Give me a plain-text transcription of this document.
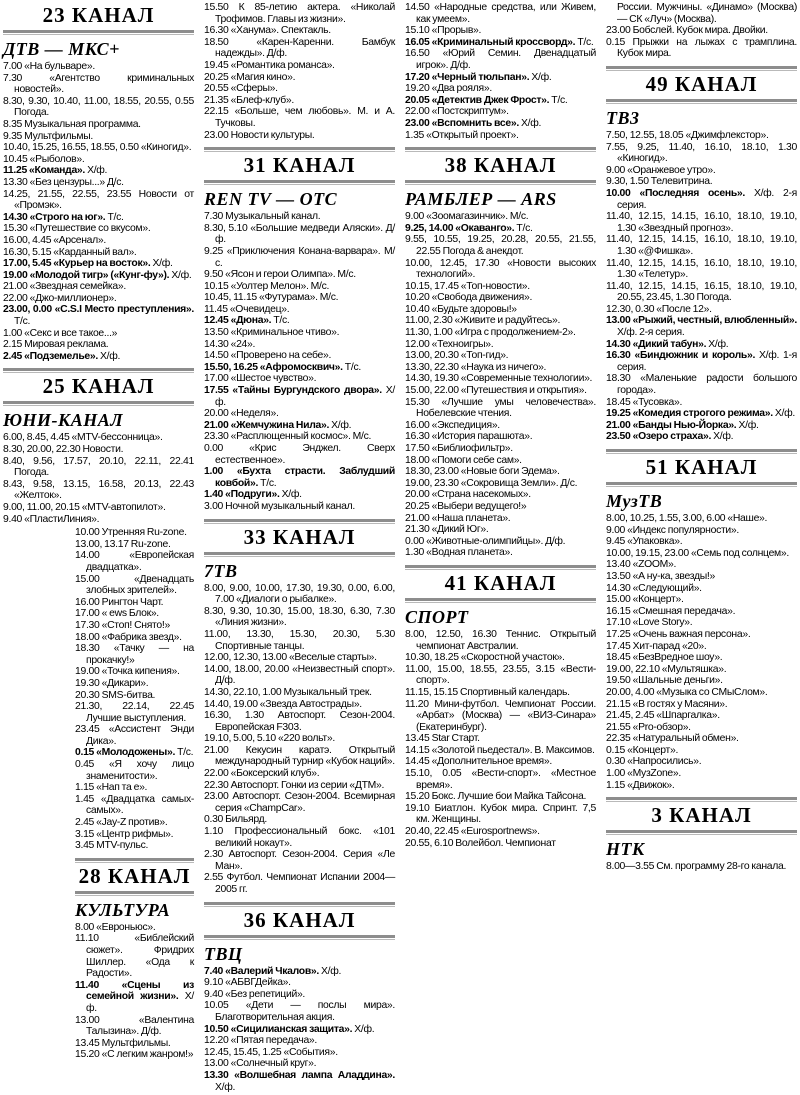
23 КАНАЛ
ДТВ — МКС+

7.00 «На бульваре».

7.30 «Агентство криминальных новостей».

8.30, 9.30, 10.40, 11.00, 18.55, 20.55, 0.55 Погода.

8.35 Музыкальная программа.

9.35 Мультфильмы.

10.40, 15.25, 16.55, 18.55, 0.50 «Киногид».

10.45 «Рыболов».

11.25 «Команда». Х/ф.

13.30 «Без цензуры...» Д/с.

14.25, 21.55, 22.55, 23.55 Новости от «Промэк».

14.30 «Строго на юг». Т/с.

15.30 «Путешествие со вкусом».

16.00, 4.45 «Арсенал».

16.30, 5.15 «Карданный вал».

17.00, 5.45 «Курьер на восток». Х/ф.

19.00 «Молодой тигр» («Кунг-фу»). Х/ф.

21.00 «Звездная семейка».

22.00 «Джо-миллионер».

23.00, 0.00 «C.S.I Место преступления». Т/с.

1.00 «Секс и все такое...»

2.15 Мировая реклама.

2.45 «Подземелье». Х/ф.

25 КАНАЛ
ЮНИ-КАНАЛ

6.00, 8.45, 4.45 «MTV-бессонница».

8.30, 20.00, 22.30 Новости.

8.40, 9.56, 17.57, 20.10, 22.11, 22.41 Погода.

8.43, 9.58, 13.15, 16.58, 20.13, 22.43 «Желток».

9.00, 11.00, 20.15 «MTV-автопилот».

9.40 «ПластиЛиния».

10.00 Утренняя Ru-zone.

13.00, 13.17 Ru-zone.

14.00 «Европейская двадцатка».

15.00 «Двенадцать злобных зрителей».

16.00 Рингтон Чарт.

17.00 « ews Блок».

17.30 «Стоп! Снято!»

18.00 «Фабрика звезд».

18.30 «Тачку — на прокачку!»

19.00 «Точка кипения».

19.30 «Дикари».

20.30 SMS-битва.

21.30, 22.14, 22.45 Лучшие выступления.

23.45 «Ассистент Энди Дика».

0.15 «Молодожены». Т/с.

0.45 «Я хочу лицо знаменитости».

1.15 «Нап та е».

1.45 «Двадцатка самых-самых».

2.45 «Jay-Z против».

3.15 «Центр рифмы».

3.45 MTV-пульс.

28 КАНАЛ
КУЛЬТУРА

8.00 «Евроньюс».

11.10 «Библейский сюжет». Фридрих Шиллер. «Ода к Радости».

11.40 «Сцены из семейной жизни». Х/ф.

13.00 «Валентина Талызина». Д/ф.

13.45 Мультфильмы.

15.20 «С легким жанром!»

15.50 К 85-летию актера. «Николай Трофимов. Главы из жизни».

16.30 «Ханума». Спектакль.

18.50 «Карен-Каренни. Бамбук надежды». Д/ф.

19.45 «Романтика романса».

20.25 «Магия кино».

20.55 «Сферы».

21.35 «Блеф-клуб».

22.15 «Больше, чем любовь». М. и А. Тучковы.

23.00 Новости культуры.

31 КАНАЛ
REN TV — ОТС

7.30 Музыкальный канал.

8.30, 5.10 «Большие медведи Аляски». Д/ф.

9.25 «Приключения Конана-варвара». М/с.

9.50 «Ясон и герои Олимпа». М/с.

10.15 «Уолтер Мелон». М/с.

10.45, 11.15 «Футурама». М/с.

11.45 «Очевидец».

12.45 «Дюна». Т/с.

13.50 «Криминальное чтиво».

14.30 «24».

14.50 «Проверено на себе».

15.50, 16.25 «Афромосквич». Т/с.

17.00 «Шестое чувство».

17.55 «Тайны Бургундского двора». Х/ф.

20.00 «Неделя».

21.00 «Жемчужина Нила». Х/ф.

23.30 «Расплющенный космос». М/с.

0.00 «Крис Энджел. Сверх естественное».

1.00 «Бухта страсти. Заблудший ковбой». Т/с.

1.40 «Подруги». Х/ф.

3.00 Ночной музыкальный канал.

33 КАНАЛ
7ТВ

8.00, 9.00, 10.00, 17.30, 19.30, 0.00, 6.00, 7.00 «Диалоги о рыбалке».

8.30, 9.30, 10.30, 15.00, 18.30, 6.30, 7.30 «Линия жизни».

11.00, 13.30, 15.30, 20.30, 5.30 Спортивные танцы.

12.00, 12.30, 13.00 «Веселые старты».

14.00, 18.00, 20.00 «Неизвестный спорт». Д/ф.

14.30, 22.10, 1.00 Музыкальный трек.

14.40, 19.00 «Звезда Автострады».

16.30, 1.30 Автоспорт. Сезон-2004. Европейская F303.

19.10, 5.00, 5.10 «220 вольт».

21.00 Кекусин каратэ. Открытый международный турнир «Кубок наций».

22.00 «Боксерский клуб».

22.30 Автоспорт. Гонки из серии «ДТМ».

23.00 Автоспорт. Сезон-2004. Всемирная серия «ChampCar».

0.30 Бильярд.

1.10 Профессиональный бокс. «101 великий нокаут».

2.30 Автоспорт. Сезон-2004. Серия «Ле Ман».

2.55 Футбол. Чемпионат Испании 2004—2005 гг.

36 КАНАЛ
ТВЦ

7.40 «Валерий Чкалов». Х/ф.

9.10 «АБВГДейка».

9.40 «Без репетиций».

10.05 «Дети — послы мира». Благотворительная акция.

10.50 «Сицилианская защита». Х/ф.

12.20 «Пятая передача».

12.45, 15.45, 1.25 «События».

13.00 «Солнечный круг».

13.30 «Волшебная лампа Аладдина». Х/ф.

14.50 «Народные средства, или Живем, как умеем».

15.10 «Прорыв».

16.05 «Криминальный кроссворд». Т/с.

16.50 «Юрий Семин. Двенадцатый игрок». Д/ф.

17.20 «Черный тюльпан». Х/ф.

19.20 «Два рояля».

20.05 «Детектив Джек Фрост». Т/с.

22.00 «Постскриптум».

23.00 «Вспомнить все». Х/ф.

1.35 «Открытый проект».

38 КАНАЛ
РАМБЛЕР — ARS

9.00 «Зоомагазинчик». М/с.

9.25, 14.00 «Окаванго». Т/с.

9.55, 10.55, 19.25, 20.28, 20.55, 21.55, 22.55 Погода & анекдот.

10.00, 12.45, 17.30 «Новости высоких технологий».

10.15, 17.45 «Топ-новости».

10.20 «Свобода движения».

10.40 «Будьте здоровы!»

11.00, 2.30 «Живите и радуйтесь».

11.30, 1.00 «Игра с продолжением-2».

12.00 «Техноигры».

13.00, 20.30 «Топ-гид».

13.30, 22.30 «Наука из ничего».

14.30, 19.30 «Современные технологии».

15.00, 22.00 «Путешествия и открытия».

15.30 «Лучшие умы человечества». Нобелевские чтения.

16.00 «Экспедиция».

16.30 «История парашюта».

17.50 «Библиофильтр».

18.00 «Помоги себе сам».

18.30, 23.00 «Новые боги Эдема».

19.00, 23.30 «Сокровища Земли». Д/с.

20.00 «Страна насекомых».

20.25 «Выбери ведущего!»

21.00 «Наша планета».

21.30 «Дикий Юг».

0.00 «Животные-олимпийцы». Д/ф.

1.30 «Водная планета».

41 КАНАЛ
СПОРТ

8.00, 12.50, 16.30 Теннис. Открытый чемпионат Австралии.

10.30, 18.25 «Скоростной участок».

11.00, 15.00, 18.55, 23.55, 3.15 «Вести-спорт».

11.15, 15.15 Спортивный календарь.

11.20 Мини-футбол. Чемпионат России. «Арбат» (Москва) — «ВИЗ-Синара» (Екатеринбург).

13.45 Star Старт.

14.15 «Золотой пьедестал». В. Максимов.

14.45 «Дополнительное время».

15.10, 0.05 «Вести-спорт». «Местное время».

15.20 Бокс. Лучшие бои Майка Тайсона.

19.10 Биатлон. Кубок мира. Спринт. 7,5 км. Женщины.

20.40, 22.45 «Eurosportnews».

20.55, 6.10 Волейбол. Чемпионат

России. Мужчины. «Динамо» (Москва) — СК «Луч» (Москва).

23.00 Бобслей. Кубок мира. Двойки.

0.15 Прыжки на лыжах с трамплина. Кубок мира.

49 КАНАЛ
ТВ3

7.50, 12.55, 18.05 «Джимфлекстор».

7.55, 9.25, 11.40, 16.10, 18.10, 1.30 «Киногид».

9.00 «Оранжевое утро».

9.30, 1.50 Телевитрина.

10.00 «Последняя осень». Х/ф. 2-я серия.

11.40, 12.15, 14.15, 16.10, 18.10, 19.10, 1.30 «Звездный прогноз».

11.40, 12.15, 14.15, 16.10, 18.10, 19.10, 1.30 «@Фишка».

11.40, 12.15, 14.15, 16.10, 18.10, 19.10, 1.30 «Телетур».

11.40, 12.15, 14.15, 16.15, 18.10, 19.10, 20.55, 23.45, 1.30 Погода.

12.30, 0.30 «После 12».

13.00 «Рыжий, честный, влюбленный». Х/ф. 2-я серия.

14.30 «Дикий табун». Х/ф.

16.30 «Биндюжник и король». Х/ф. 1-я серия.

18.30 «Маленькие радости большого города».

18.45 «Тусовка».

19.25 «Комедия строгого режима». Х/ф.

21.00 «Банды Нью-Йорка». Х/ф.

23.50 «Озеро страха». Х/ф.

51 КАНАЛ
МузТВ

8.00, 10.25, 1.55, 3.00, 6.00 «Наше».

9.00 «Индекс популярности».

9.45 «Упаковка».

10.00, 19.15, 23.00 «Семь под солнцем».

13.40 «ZOOM».

13.50 «А ну-ка, звезды!»

14.30 «Следующий».

15.00 «Концерт».

16.15 «Смешная передача».

17.10 «Love Story».

17.25 «Очень важная персона».

17.45 Хит-парад «20».

18.45 «БезВредное шоу».

19.00, 22.10 «Мультяшка».

19.50 «Шальные деньги».

20.00, 4.00 «Музыка со СМыСлом».

21.15 «В гостях у Масяни».

21.45, 2.45 «Шпаргалка».

21.55 «Pro-обзор».

22.35 «Натуральный обмен».

0.15 «Концерт».

0.30 «Напросились».

1.00 «МузZone».

1.15 «Движок».

3 КАНАЛ
НТК

8.00—3.55 См. программу 28-го канала.
